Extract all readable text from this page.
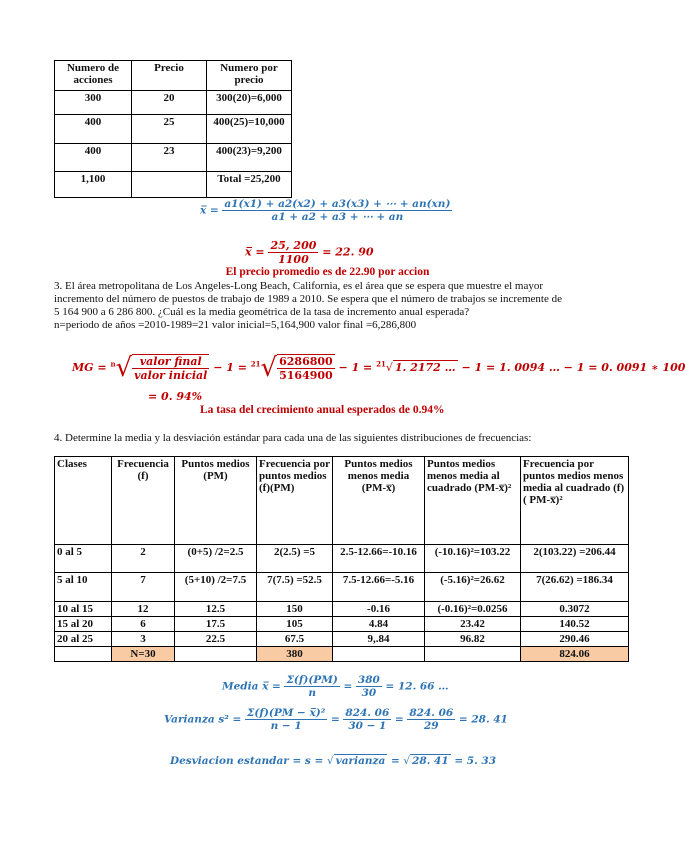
Numero de acciones	Precio	Numero por precio
300	20	300(20)=6,000
400	25	400(25)=10,000
400	23	400(23)=9,200
1,100		Total =25,200
x̅ = $\frac{a1(x1) + a2(x2) + a3(x3) + \cdots + an(xn)}{a1 + a2 + a3 + \cdots + an}$
x̅ = $\frac{25, 200}{1100} = 22$. 90
El precio promedio es de 22.90 por accion
3. El área metropolitana de Los Angeles-Long Beach, California, es el área que se espera que muestre el mayor
incremento del número de puestos de trabajo de 1989 a 2010. Se espera que el número de trabajos se incremente de
5 164 900 a 6 286 800. ¿Cuál es la media geométrica de la tasa de incremento anual esperada?
n=periodo de años =2010-1989=21 valor inicial=5,164,900 valor final =6,286,800
MG = $^n√ \frac{\text{valor final}}{\text{valor inicial}} - 1 = ^{21}√ \frac{6286800}{5164900} - 1 = ^{21}√$ 1. 2172 … − 1 = 1. 0094 … − 1 = 0. 0091 ∗ 100
= 0. 94%
La tasa del crecimiento anual esperados de 0.94%
4. Determine la media y la desviación estándar para cada una de las siguientes distribuciones de frecuencias:
Clases	Frecuencia (f)	Puntos medios (PM)	Frecuencia por puntos medios (f)(PM)	Puntos medios menos media (PM-x̅)	Puntos medios menos media al cuadrado (PM-x̅)²	Frecuencia por puntos medios menos media al cuadrado (f) ( PM-x̅)²
0 al 5	2	(0+5) /2=2.5	2(2.5) =5	2.5-12.66=-10.16	(-10.16)²=103.22	2(103.22) =206.44
5 al 10	7	(5+10) /2=7.5	7(7.5) =52.5	7.5-12.66=-5.16	(-5.16)²=26.62	7(26.62) =186.34
10 al 15	12	12.5	150	-0.16	(-0.16)²=0.0256	0.3072
15 al 20	6	17.5	105	4.84	23.42	140.52
20 al 25	3	22.5	67.5	9,.84	96.82	290.46
	N=30		380			824.06
Media x̅ = $\frac{\Sigma(f)(PM)}{n} = \frac{380}{30} = 12$. 66 …
Varianza $s^2 = \frac{\text{Σ(f)(PM − x̅)²}}{n - 1} = \frac{824. 06}{30 - 1} = \frac{824. 06}{29} = 28$. 41
Desviacion estandar = s = √ varianza = √ 28. 41 = 5. 33
